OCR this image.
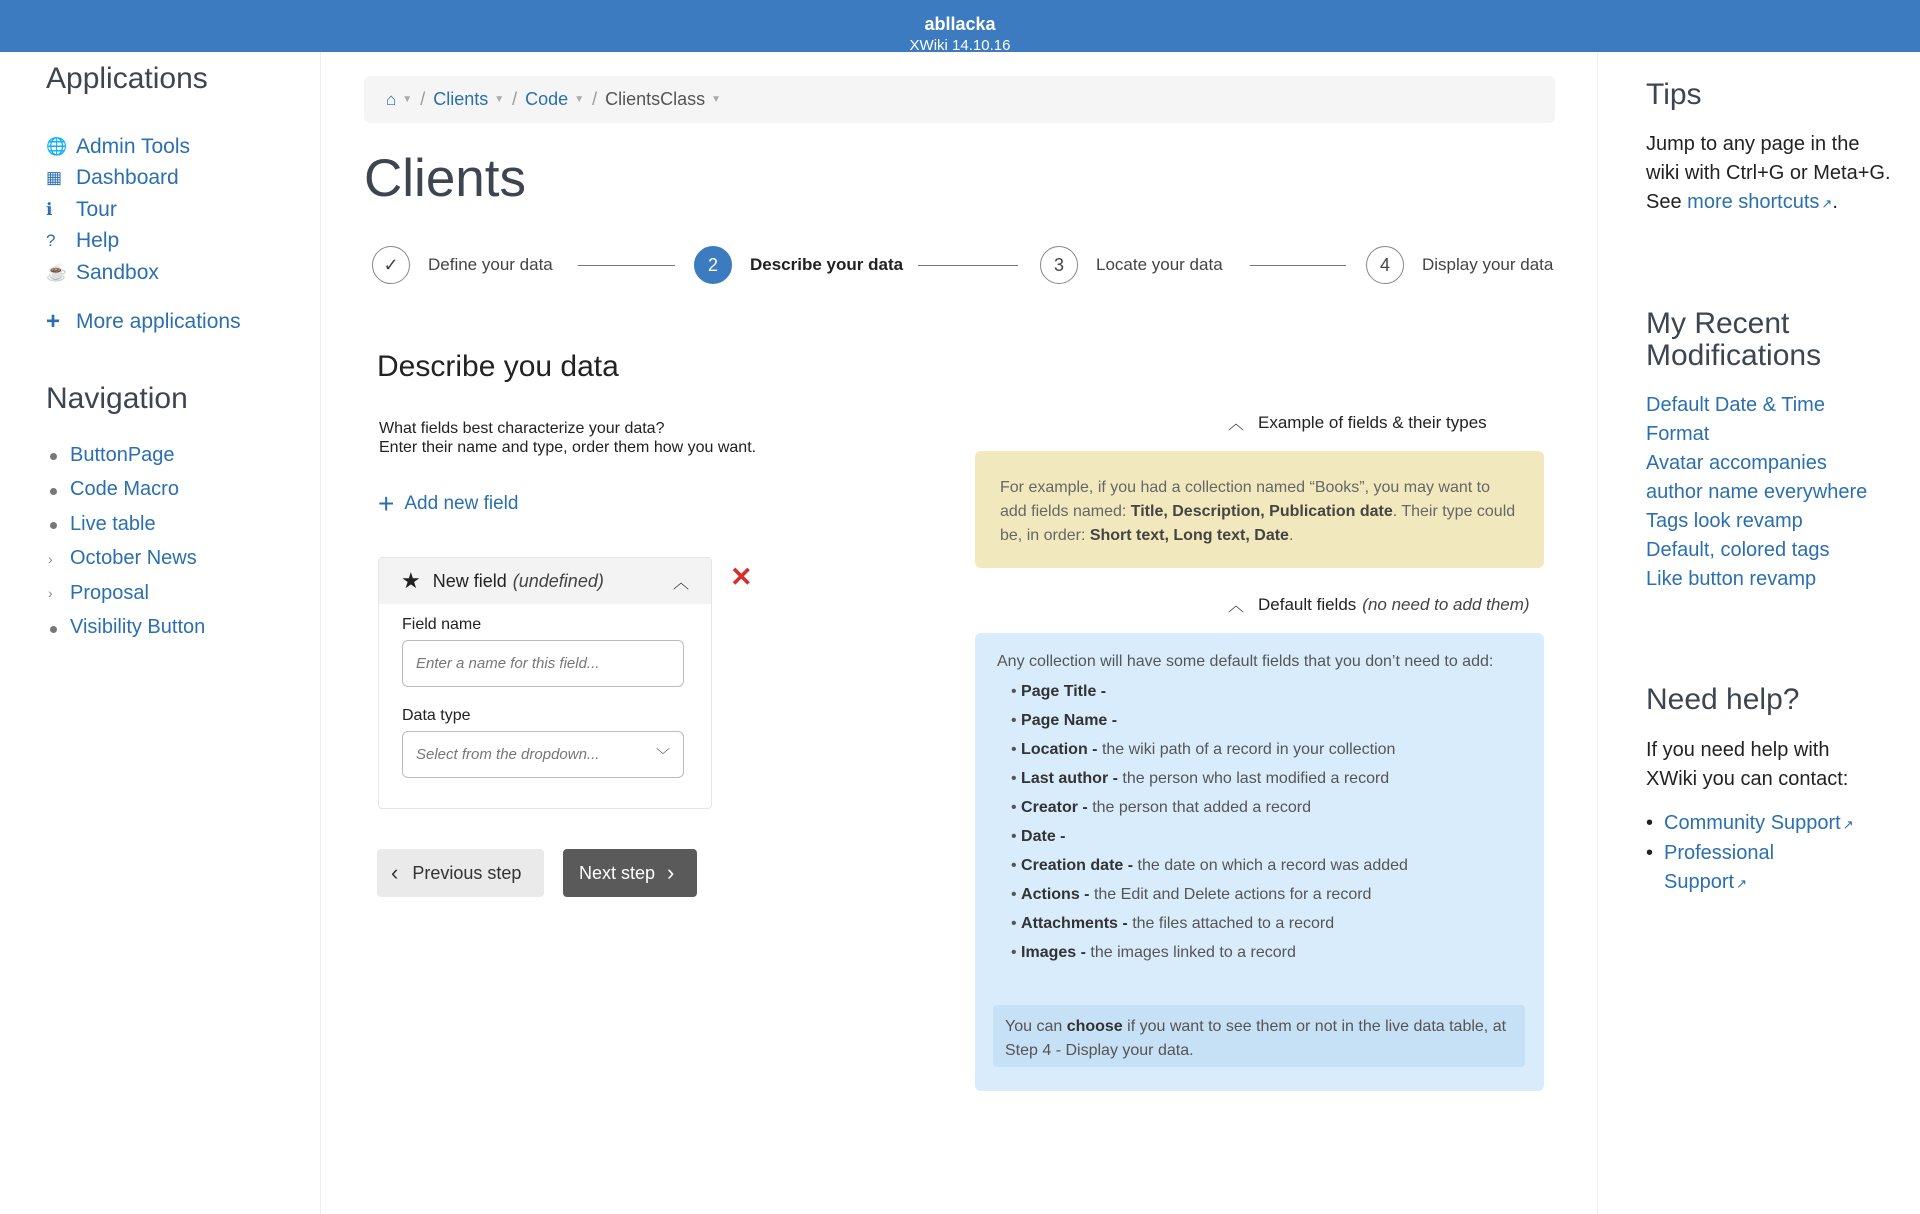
abllacka
XWiki 14.10.16
Applications
🌐 Admin Tools
▦ Dashboard
ℹ	Tour
? Help
☕ Sandbox
+ More applications
Navigation
ButtonPage
Code Macro
Live table
› October News
› Proposal
Visibility Button
⌂ ▼ / Clients ▼ / Code ▼ / ClientsClass ▼
Clients
✓	Define your data	2	Describe your data	3	Locate your data	4	Display your data
Describe you data
What fields best characterize your data?
Enter their name and type, order them how you want.
+ Add new field
★ New field (undefined)	︿
Field name
Enter a name for this field...
Data type
Select from the dropdown...	﹀
✕
‹ Previous step	Next step ›
︿ Example of fields & their types
For example, if you had a collection named “Books”, you may want to add fields named: Title, Description, Publication date. Their type could be, in order: Short text, Long text, Date.
︿ Default fields (no need to add them)
Any collection will have some default fields that you don’t need to add:
• Page Title -
• Page Name -
• Location - the wiki path of a record in your collection
• Last author - the person who last modified a record
• Creator - the person that added a record
• Date -
• Creation date - the date on which a record was added
• Actions - the Edit and Delete actions for a record
• Attachments - the files attached to a record
• Images - the images linked to a record
You can choose if you want to see them or not in the live data table, at Step 4 - Display your data.
Tips
Jump to any page in the wiki with Ctrl+G or Meta+G.
See more shortcuts ↗.
My Recent Modifications
Default Date & Time Format
Avatar accompanies author name everywhere
Tags look revamp
Default, colored tags
Like button revamp
Need help?
If you need help with XWiki you can contact:
• Community Support ↗
• Professional Support ↗
